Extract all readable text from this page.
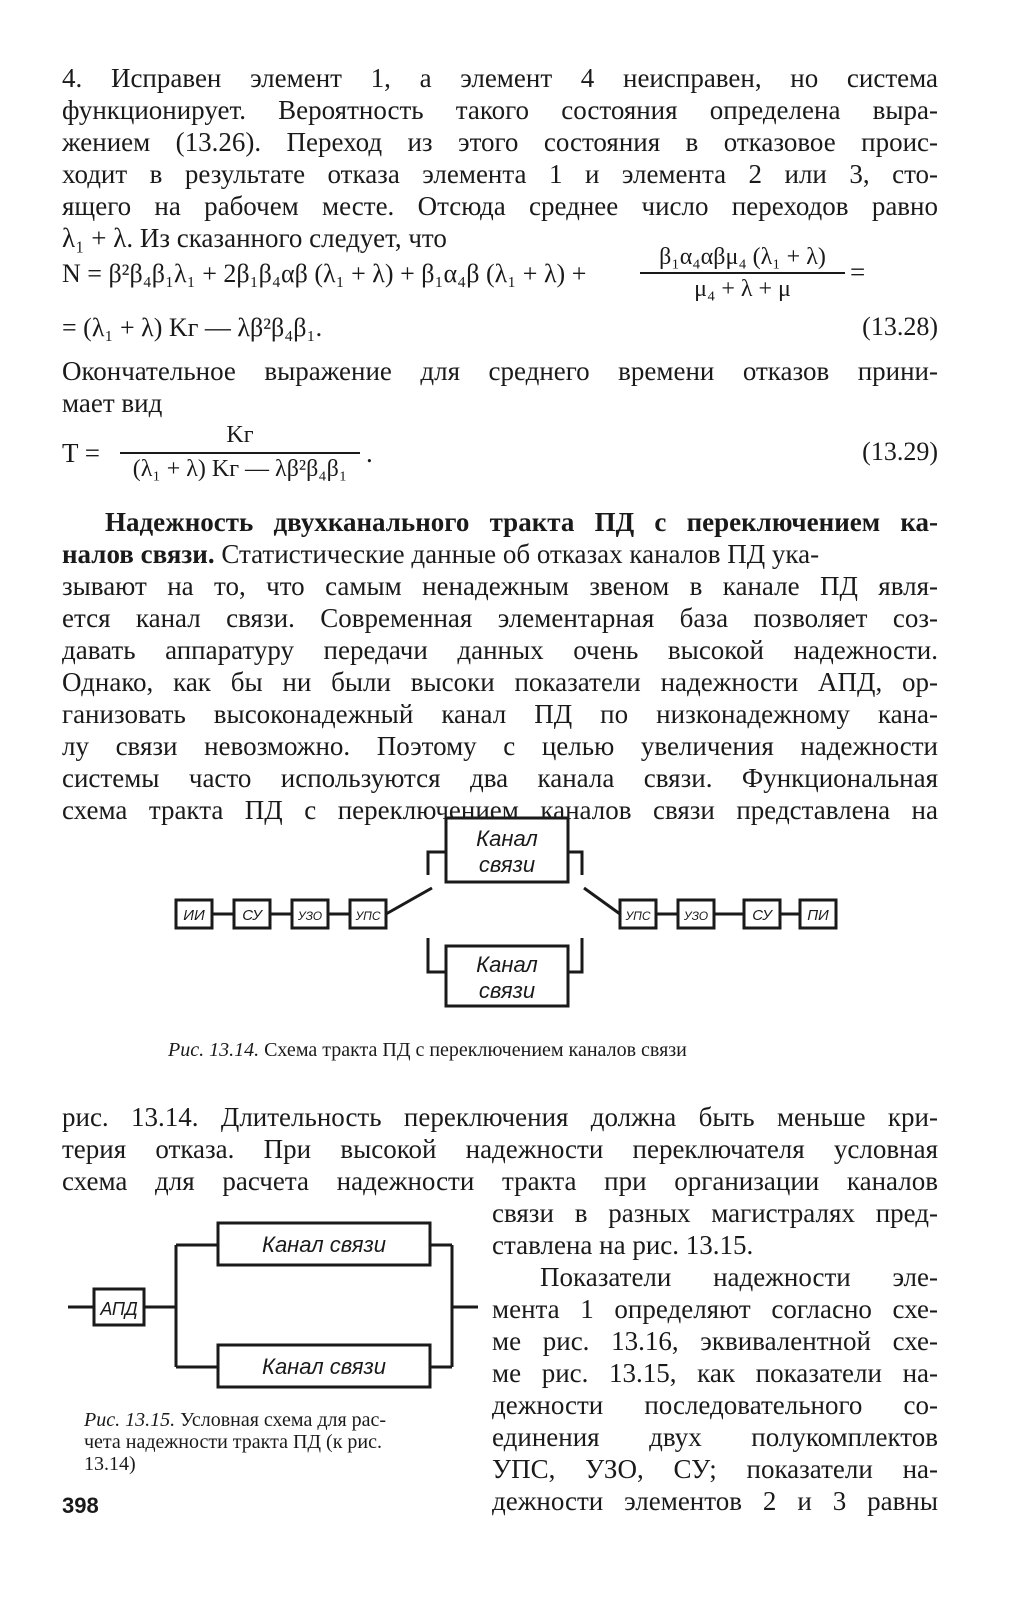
4. Исправен элемент 1, а элемент 4 неисправен, но система
функционирует. Вероятность такого состояния определена выра-
жением (13.26). Переход из этого состояния в отказовое проис-
ходит в результате отказа элемента 1 и элемента 2 или 3, сто-
ящего на рабочем месте. Отсюда среднее число переходов равно
λ₁ + λ. Из сказанного следует, что
N = β²β₄β₁λ₁ + 2β₁β₄αβ (λ₁ + λ) + β₁α₄β (λ₁ + λ) +
β₁α₄αβμ₄ (λ₁ + λ)
μ₄ + λ + μ
=
= (λ₁ + λ) Kг — λβ²β₄β₁.	(13.28)
Окончательное выражение для среднего времени отказов прини-
мает вид
T =
Kг
(λ₁ + λ) Kг — λβ²β₄β₁
.	(13.29)
Надежность двухканального тракта ПД с переключением ка-
налов связи. Статистические данные об отказах каналов ПД ука-
зывают на то, что самым ненадежным звеном в канале ПД явля-
ется канал связи. Современная элементарная база позволяет соз-
давать аппаратуру передачи данных очень высокой надежности.
Однако, как бы ни были высоки показатели надежности АПД, ор-
ганизовать высоконадежный канал ПД по низконадежному кана-
лу связи невозможно. Поэтому с целью увеличения надежности
системы часто используются два канала связи. Функциональная
схема тракта ПД с переключением каналов связи представлена на
ИИ СУ	УЗО	УПС	УПС	УЗО	СУ ПИ
Канал
связи
Канал
связи
Рис. 13.14. Схема тракта ПД с переключением каналов связи
рис. 13.14. Длительность переключения должна быть меньше кри-
терия отказа. При высокой надежности переключателя условная
схема для расчета надежности тракта при организации каналов
связи в разных магистралях пред-
ставлена на рис. 13.15.
Показатели надежности эле-
мента 1 определяют согласно схе-
ме рис. 13.16, эквивалентной схе-
ме рис. 13.15, как показатели на-
дежности последовательного со-
единения двух полукомплектов
УПС, УЗО, СУ; показатели на-
дежности элементов 2 и 3 равны
АПД
Канал связи
Канал связи
Рис. 13.15. Условная схема для рас-
чета надежности тракта ПД (к рис.
13.14)
398
